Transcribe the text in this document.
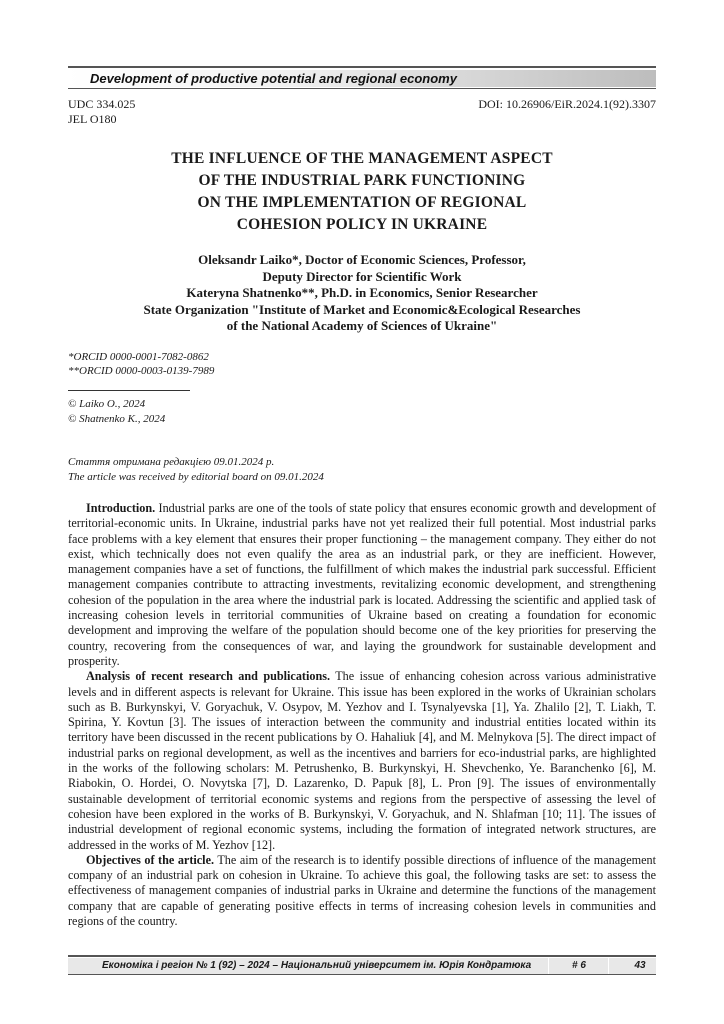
Development of productive potential and regional economy
UDC 334.025
JEL O180
DOI: 10.26906/EiR.2024.1(92).3307
THE INFLUENCE OF THE MANAGEMENT ASPECT
OF THE INDUSTRIAL PARK FUNCTIONING
ON THE IMPLEMENTATION OF REGIONAL
COHESION POLICY IN UKRAINE
Oleksandr Laiko*, Doctor of Economic Sciences, Professor,
Deputy Director for Scientific Work
Kateryna Shatnenko**, Ph.D. in Economics, Senior Researcher
State Organization "Institute of Market and Economic&Ecological Researches
of the National Academy of Sciences of Ukraine"
*ORCID 0000-0001-7082-0862
**ORCID 0000-0003-0139-7989
© Laiko O., 2024
© Shatnenko K., 2024
Стаття отримана редакцією 09.01.2024 р.
The article was received by editorial board on 09.01.2024

Introduction. Industrial parks are one of the tools of state policy that ensures economic growth and development of territorial-economic units. In Ukraine, industrial parks have not yet realized their full potential. Most industrial parks face problems with a key element that ensures their proper functioning – the management company. They either do not exist, which technically does not even qualify the area as an industrial park, or they are inefficient. However, management companies have a set of functions, the fulfillment of which makes the industrial park successful. Efficient management companies contribute to attracting investments, revitalizing economic development, and strengthening cohesion of the population in the area where the industrial park is located. Addressing the scientific and applied task of increasing cohesion levels in territorial communities of Ukraine based on creating a foundation for economic development and improving the welfare of the population should become one of the key priorities for preserving the country, recovering from the consequences of war, and laying the groundwork for sustainable development and prosperity.

Analysis of recent research and publications. The issue of enhancing cohesion across various administrative levels and in different aspects is relevant for Ukraine. This issue has been explored in the works of Ukrainian scholars such as B. Burkynskyi, V. Goryachuk, V. Osypov, M. Yezhov and I. Tsynalyevska [1], Ya. Zhalilo [2], T. Liakh, T. Spirina, Y. Kovtun [3]. The issues of interaction between the community and industrial entities located within its territory have been discussed in the recent publications by O. Hahaliuk [4], and M. Melnykova [5]. The direct impact of industrial parks on regional development, as well as the incentives and barriers for eco-industrial parks, are highlighted in the works of the following scholars: M. Petrushenko, B. Burkynskyi, H. Shevchenko, Ye. Baranchenko [6], M. Riabokin, O. Hordei, O. Novytska [7], D. Lazarenko, D. Papuk [8], L. Pron [9]. The issues of environmentally sustainable development of territorial economic systems and regions from the perspective of assessing the level of cohesion have been explored in the works of B. Burkynskyi, V. Goryachuk, and N. Shlafman [10; 11]. The issues of industrial development of regional economic systems, including the formation of integrated network structures, are addressed in the works of M. Yezhov [12].

Objectives of the article. The aim of the research is to identify possible directions of influence of the management company of an industrial park on cohesion in Ukraine. To achieve this goal, the following tasks are set: to assess the effectiveness of management companies of industrial parks in Ukraine and determine the functions of the management company that are capable of generating positive effects in terms of increasing cohesion levels in communities and regions of the country.

Економіка і регіон № 1 (92) – 2024 – Національний університет ім. Юрія Кондратюка	# 6	43
